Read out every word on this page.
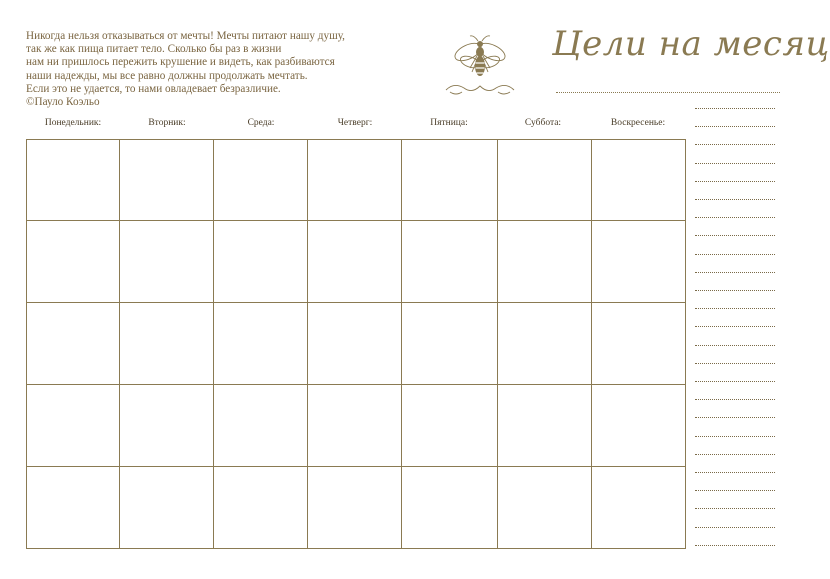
Никогда нельзя отказываться от мечты! Мечты питают нашу душу,
так же как пища питает тело. Сколько бы раз в жизни
нам ни пришлось пережить крушение и видеть, как разбиваются
наши надежды, мы все равно должны продолжать мечтать.
Если это не удается, то нами овладевает безразличие.
©Пауло Коэльо
Цели на месяц
Понедельник:	Вторник:	Среда:	Четверг:	Пятница:	Суббота:	Воскресенье:
